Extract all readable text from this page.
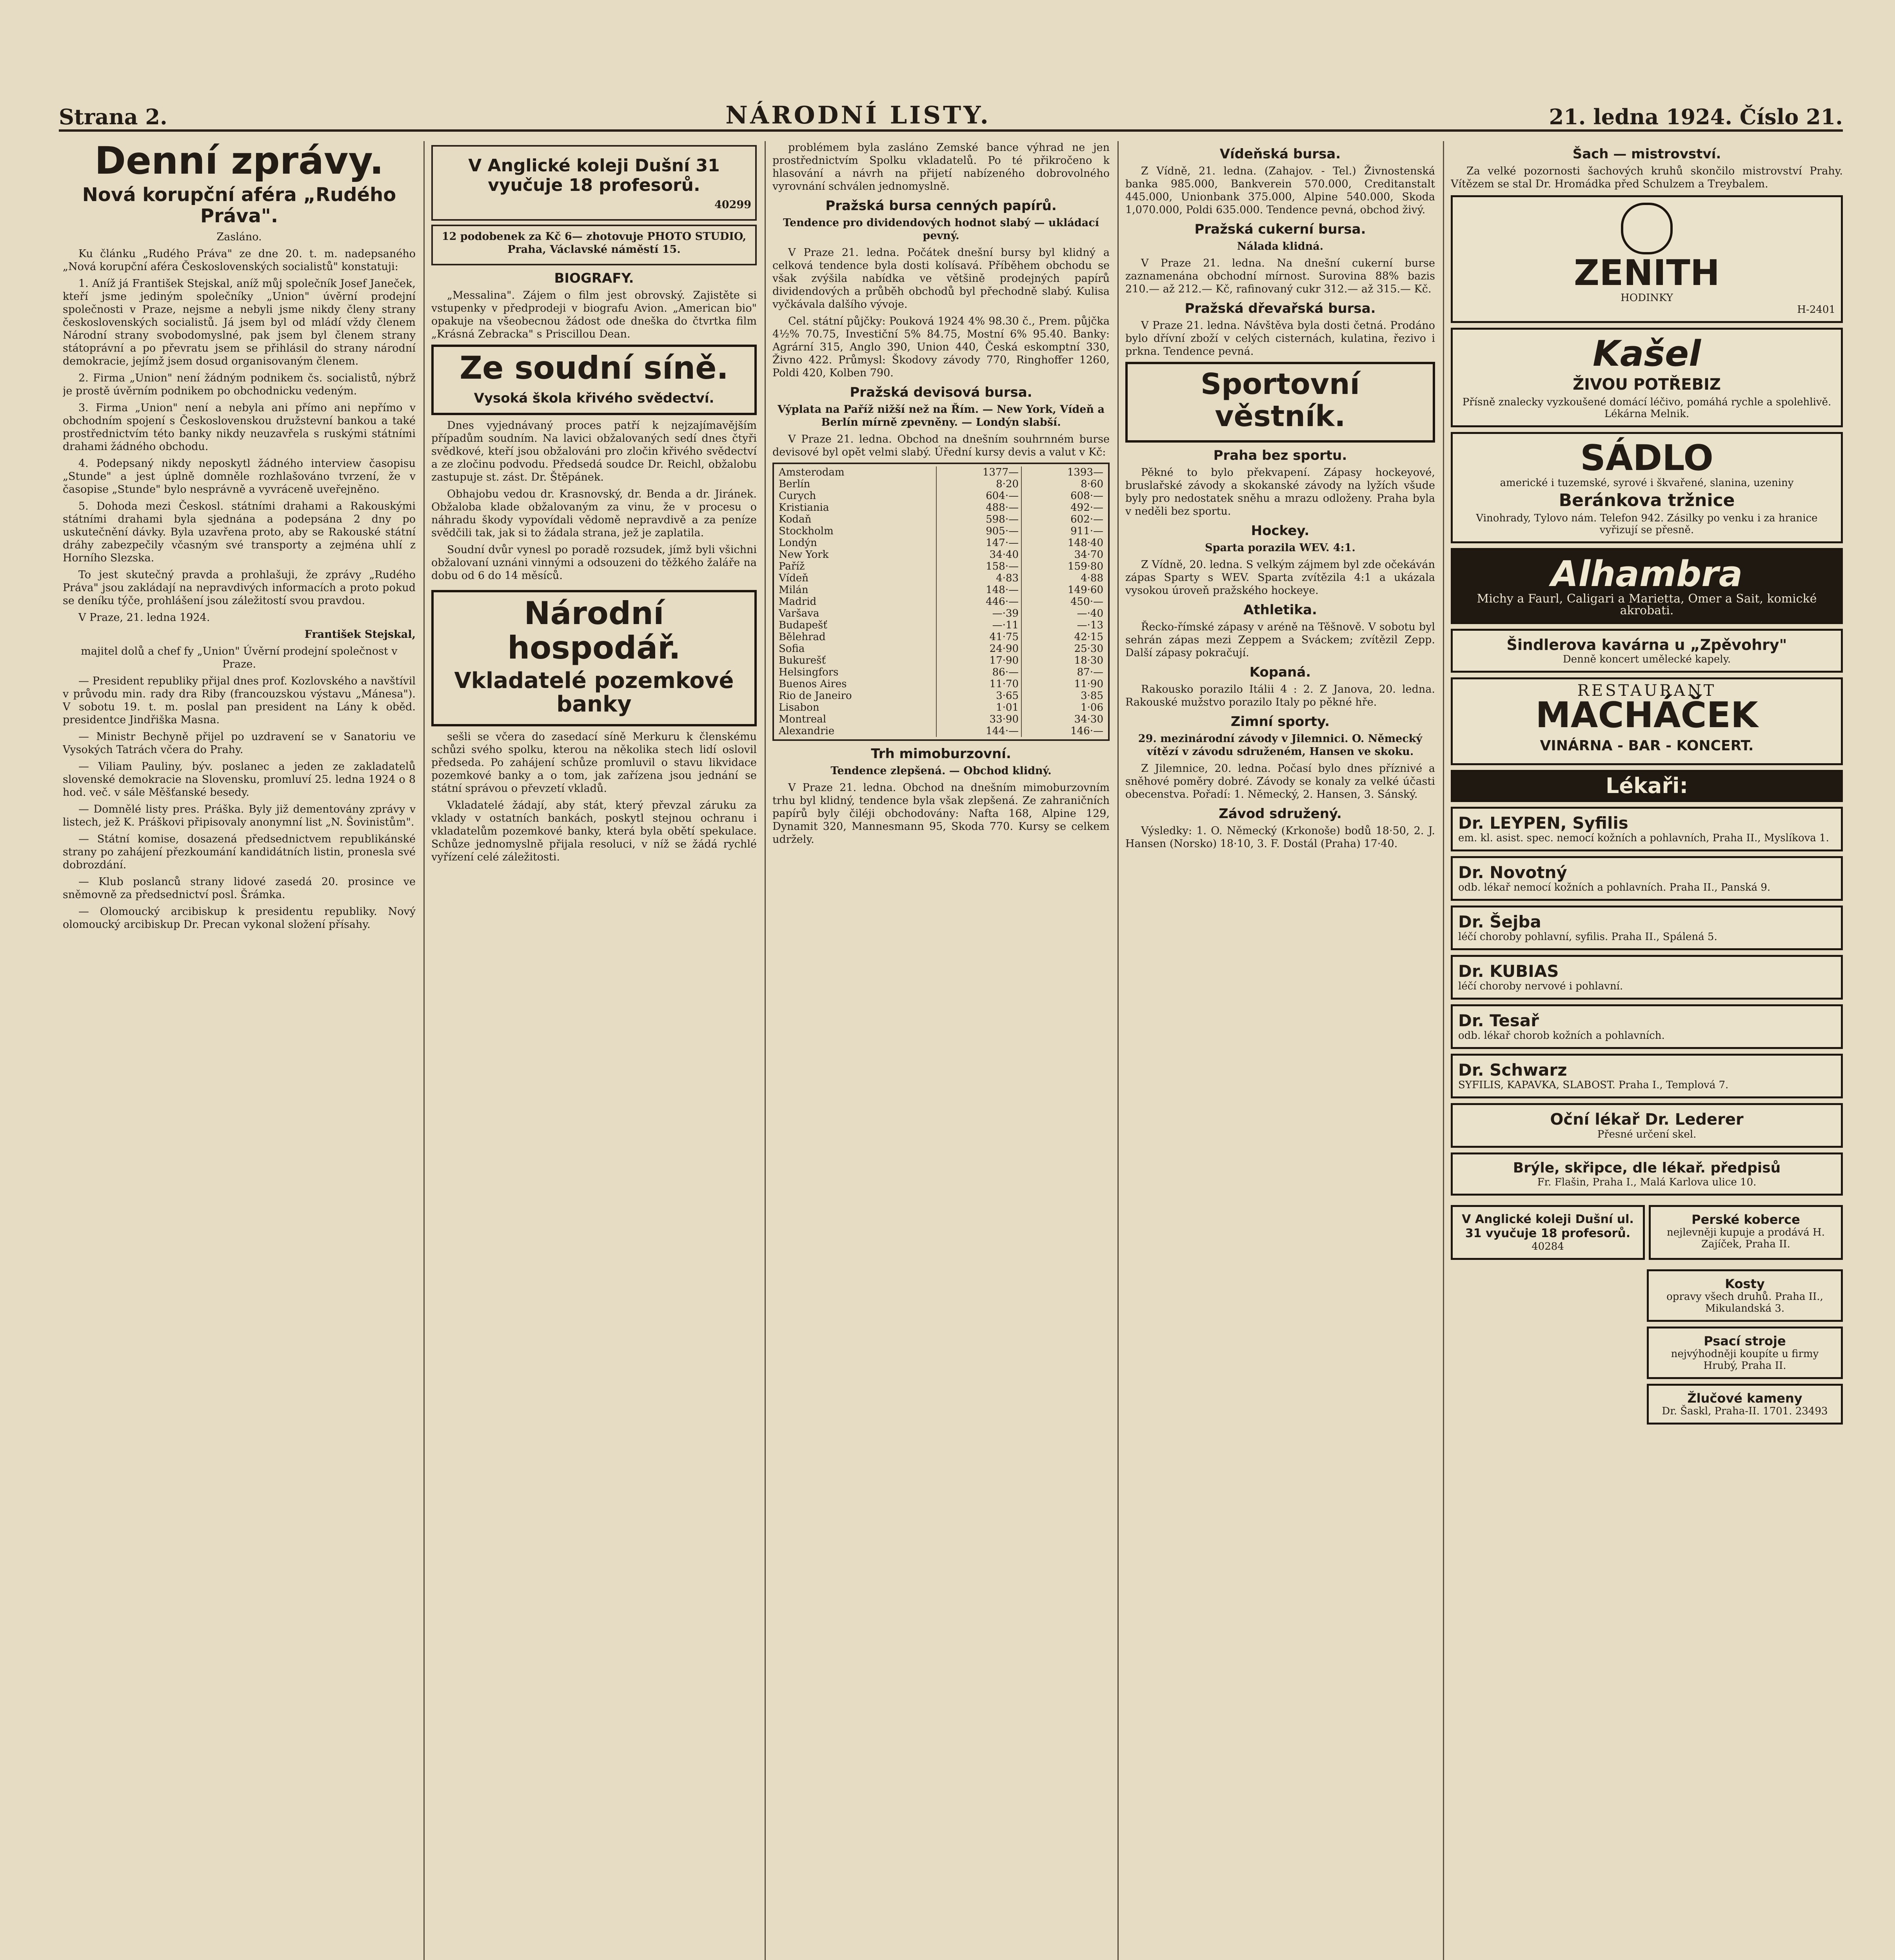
Strana 2.	NÁRODNÍ LISTY.	21. ledna 1924. Číslo 21.
Denní zprávy.
Nová korupční aféra „Rudého Práva".

Zasláno.

Ku článku „Rudého Práva" ze dne 20. t. m. nadepsaného „Nová korupční aféra Československých socialistů" konstatuji:

1. Aníž já František Stejskal, aníž můj společník Josef Janeček, kteří jsme jediným společníky „Union" úvěrní prodejní společnosti v Praze, nejsme a nebyli jsme nikdy členy strany československých socialistů. Já jsem byl od mládí vždy členem Národní strany svobodomyslné, pak jsem byl členem strany státoprávní a po převratu jsem se přihlásil do strany národní demokracie, jejímž jsem dosud organisovaným členem.

2. Firma „Union" není žádným podnikem čs. socialistů, nýbrž je prostě úvěrním podnikem po obchodnicku vedeným.

3. Firma „Union" není a nebyla ani přímo ani nepřímo v obchodním spojení s Československou družstevní bankou a také prostřednictvím této banky nikdy neuzavřela s ruskými státními drahami žádného obchodu.

4. Podepsaný nikdy neposkytl žádného interview časopisu „Stunde" a jest úplně domněle rozhlašováno tvrzení, že v časopise „Stunde" bylo nesprávně a vyvráceně uveřejněno.

5. Dohoda mezi Českosl. státními drahami a Rakouskými státními drahami byla sjednána a podepsána 2 dny po uskutečnění dávky. Byla uzavřena proto, aby se Rakouské státní dráhy zabezpečily včasným své transporty a zejména uhlí z Horního Slezska.

To jest skutečný pravda a prohlašuji, že zprávy „Rudého Práva" jsou zakládají na nepravdivých informacích a proto pokud se deníku týče, prohlášení jsou záležitostí svou pravdou.

V Praze, 21. ledna 1924.

František Stejskal,

majitel dolů a chef fy „Union" Úvěrní prodejní společnost v Praze.

— President republiky přijal dnes prof. Kozlovského a navštívil v průvodu min. rady dra Riby (francouzskou výstavu „Mánesa"). V sobotu 19. t. m. poslal pan president na Lány k oběd. presidentce Jindřiška Masna.

— Ministr Bechyně přijel po uzdravení se v Sanatoriu ve Vysokých Tatrách včera do Prahy.

— Viliam Pauliny, býv. poslanec a jeden ze zakladatelů slovenské demokracie na Slovensku, promluví 25. ledna 1924 o 8 hod. več. v sále Měšťanské besedy.

— Domnělé listy pres. Práška. Byly již dementovány zprávy v listech, jež K. Práškovi připisovaly anonymní list „N. Šovinistům".

— Státní komise, dosazená předsednictvem republikánské strany po zahájení přezkoumání kandidátních listin, pronesla své dobrozdání.

— Klub poslanců strany lidové zasedá 20. prosince ve sněmovně za předsednictví posl. Šrámka.

— Olomoucký arcibiskup k presidentu republiky. Nový olomoucký arcibiskup Dr. Precan vykonal složení přísahy.

V Anglické koleji Dušní 31 vyučuje 18 profesorů.

40299

12 podobenek za Kč 6— zhotovuje PHOTO STUDIO, Praha, Václavské náměstí 15.

BIOGRAFY.

„Messalina". Zájem o film jest obrovský. Zajistěte si vstupenky v předprodeji v biografu Avion. „American bio" opakuje na všeobecnou žádost ode dneška do čtvrtka film „Krásná Zebracka" s Priscillou Dean.

Ze soudní síně.
Vysoká škola křivého svědectví.

Dnes vyjednávaný proces patří k nejzajímavějším případům soudním. Na lavici obžalovaných sedí dnes čtyři svědkové, kteří jsou obžalováni pro zločin křivého svědectví a ze zločinu podvodu. Předsedá soudce Dr. Reichl, obžalobu zastupuje st. zást. Dr. Štěpánek.

Obhajobu vedou dr. Krasnovský, dr. Benda a dr. Jiránek. Obžaloba klade obžalovaným za vinu, že v procesu o náhradu škody vypovídali vědomě nepravdivě a za peníze svědčili tak, jak si to žádala strana, jež je zaplatila.

Soudní dvůr vynesl po poradě rozsudek, jímž byli všichni obžalovaní uznáni vinnými a odsouzeni do těžkého žaláře na dobu od 6 do 14 měsíců.

Národní hospodář.
Vkladatelé pozemkové banky

sešli se včera do zasedací síně Merkuru k členskému schůzi svého spolku, kterou na několika stech lidí oslovil předseda. Po zahájení schůze promluvil o stavu likvidace pozemkové banky a o tom, jak zařízena jsou jednání se státní správou o převzetí vkladů.

Vkladatelé žádají, aby stát, který převzal záruku za vklady v ostatních bankách, poskytl stejnou ochranu i vkladatelům pozemkové banky, která byla obětí spekulace. Schůze jednomyslně přijala resoluci, v níž se žádá rychlé vyřízení celé záležitosti.

problémem byla zasláno Zemské bance výhrad ne jen prostřednictvím Spolku vkladatelů. Po té přikročeno k hlasování a návrh na přijetí nabízeného dobrovolného vyrovnání schválen jednomyslně.

Pražská bursa cenných papírů.

Tendence pro dividendových hodnot slabý — ukládací pevný.

V Praze 21. ledna. Počátek dnešní bursy byl klidný a celková tendence byla dosti kolísavá. Příběhem obchodu se však zvýšila nabídka ve většině prodejných papírů dividendových a průběh obchodů byl přechodně slabý. Kulisa vyčkávala dalšího vývoje.

Cel. státní půjčky: Pouková 1924 4% 98.30 č., Prem. půjčka 4½% 70.75, Investiční 5% 84.75, Mostní 6% 95.40. Banky: Agrární 315, Anglo 390, Union 440, Česká eskomptní 330, Živno 422. Průmysl: Škodovy závody 770, Ringhoffer 1260, Poldi 420, Kolben 790.

Pražská devisová bursa.

Výplata na Paříž nižší než na Řím. — New York, Vídeň a Berlín mírně zpevněny. — Londýn slabší.

V Praze 21. ledna. Obchod na dnešním souhrnném burse devisové byl opět velmi slabý. Úřední kursy devis a valut v Kč:

Amsterodam	1377—	1393—
Berlín	8·20	8·60
Curych	604·—	608·—
Kristiania	488·—	492·—
Kodaň	598·—	602·—
Stockholm	905·—	911·—
Londýn	147·—	148·40
New York	34·40	34·70
Paříž	158·—	159·80
Vídeň	4·83	4·88
Milán	148·—	149·60
Madrid	446·—	450·—
Varšava	—·39	—·40
Budapešť	—·11	—·13
Bělehrad	41·75	42·15
Sofia	24·90	25·30
Bukurešť	17·90	18·30
Helsingfors	86·—	87·—
Buenos Aires	11·70	11·90
Rio de Janeiro	3·65	3·85
Lisabon	1·01	1·06
Montreal	33·90	34·30
Alexandrie	144·—	146·—
Trh mimoburzovní.

Tendence zlepšená. — Obchod klidný.

V Praze 21. ledna. Obchod na dnešním mimoburzovním trhu byl klidný, tendence byla však zlepšená. Ze zahraničních papírů byly čiléji obchodovány: Nafta 168, Alpine 129, Dynamit 320, Mannesmann 95, Skoda 770. Kursy se celkem udržely.

Vídeňská bursa.

Z Vídně, 21. ledna. (Zahajov. - Tel.) Živnostenská banka 985.000, Bankverein 570.000, Creditanstalt 445.000, Unionbank 375.000, Alpine 540.000, Skoda 1,070.000, Poldi 635.000. Tendence pevná, obchod živý.

Pražská cukerní bursa.

Nálada klidná.

V Praze 21. ledna. Na dnešní cukerní burse zaznamenána obchodní mírnost. Surovina 88% bazis 210.— až 212.— Kč, rafinovaný cukr 312.— až 315.— Kč.

Pražská dřevařská bursa.

V Praze 21. ledna. Návštěva byla dosti četná. Prodáno bylo dřívní zboží v celých cisternách, kulatina, řezivo i prkna. Tendence pevná.

Sportovní věstník.
Praha bez sportu.

Pěkné to bylo překvapení. Zápasy hockeyové, bruslařské závody a skokanské závody na lyžích všude byly pro nedostatek sněhu a mrazu odloženy. Praha byla v neděli bez sportu.

Hockey.

Sparta porazila WEV. 4:1.

Z Vídně, 20. ledna. S velkým zájmem byl zde očekáván zápas Sparty s WEV. Sparta zvítězila 4:1 a ukázala vysokou úroveň pražského hockeye.

Athletika.

Řecko-římské zápasy v aréně na Těšnově. V sobotu byl sehrán zápas mezi Zeppem a Sváckem; zvítězil Zepp. Další zápasy pokračují.

Kopaná.

Rakousko porazilo Itálii 4 : 2. Z Janova, 20. ledna. Rakouské mužstvo porazilo Italy po pěkné hře.

Zimní sporty.

29. mezinárodní závody v Jilemnici. O. Německý vítězí v závodu sdruženém, Hansen ve skoku.

Z Jilemnice, 20. ledna. Počasí bylo dnes příznivé a sněhové poměry dobré. Závody se konaly za velké účasti obecenstva. Pořadí: 1. Německý, 2. Hansen, 3. Sánský.

Závod sdružený.

Výsledky: 1. O. Německý (Krkonoše) bodů 18·50, 2. J. Hansen (Norsko) 18·10, 3. F. Dostál (Praha) 17·40.

Šach — mistrovství.

Za velké pozornosti šachových kruhů skončilo mistrovství Prahy. Vítězem se stal Dr. Hromádka před Schulzem a Treybalem.

ZENITH
HODINKY
H-2401
Kašel
ŽIVOU POTŘEBIZ
Přísně znalecky vyzkoušené domácí léčivo, pomáhá rychle a spolehlivě. Lékárna Melnik.
SÁDLO
americké i tuzemské, syrové i škvařené, slanina, uzeniny
Beránkova tržnice
Vinohrady, Tylovo nám. Telefon 942. Zásilky po venku i za hranice vyřizují se přesně.
Alhambra
Michy a Faurl, Caligari a Marietta, Omer a Sait, komické akrobati.
Šindlerova kavárna u „Zpěvohry"
Denně koncert umělecké kapely.
RESTAURANT
MACHÁČEK
VINÁRNA - BAR - KONCERT.
Lékaři:
Dr. LEYPEN, Syfilis
em. kl. asist. spec. nemocí kožních a pohlavních, Praha II., Myslíkova 1.
Dr. Novotný
odb. lékař nemocí kožních a pohlavních. Praha II., Panská 9.
Dr. Šejba
léčí choroby pohlavní, syfilis. Praha II., Spálená 5.
Dr. KUBIAS
léčí choroby nervové i pohlavní.
Dr. Tesař
odb. lékař chorob kožních a pohlavních.
Dr. Schwarz
SYFILIS, KAPAVKA, SLABOST. Praha I., Templová 7.
Oční lékař Dr. Lederer
Přesné určení skel.
Brýle, skřipce, dle lékař. předpisů
Fr. Flašin, Praha I., Malá Karlova ulice 10.
V Anglické koleji Dušní ul. 31 vyučuje 18 profesorů.
40284
Perské koberce
nejlevněji kupuje a prodává H. Zajíček, Praha II.
Kosty
opravy všech druhů. Praha II., Mikulandská 3.
Psací stroje
nejvýhodněji koupíte u firmy Hrubý, Praha II.
Žlučové kameny
Dr. Šaskl, Praha-II. 1701. 23493
